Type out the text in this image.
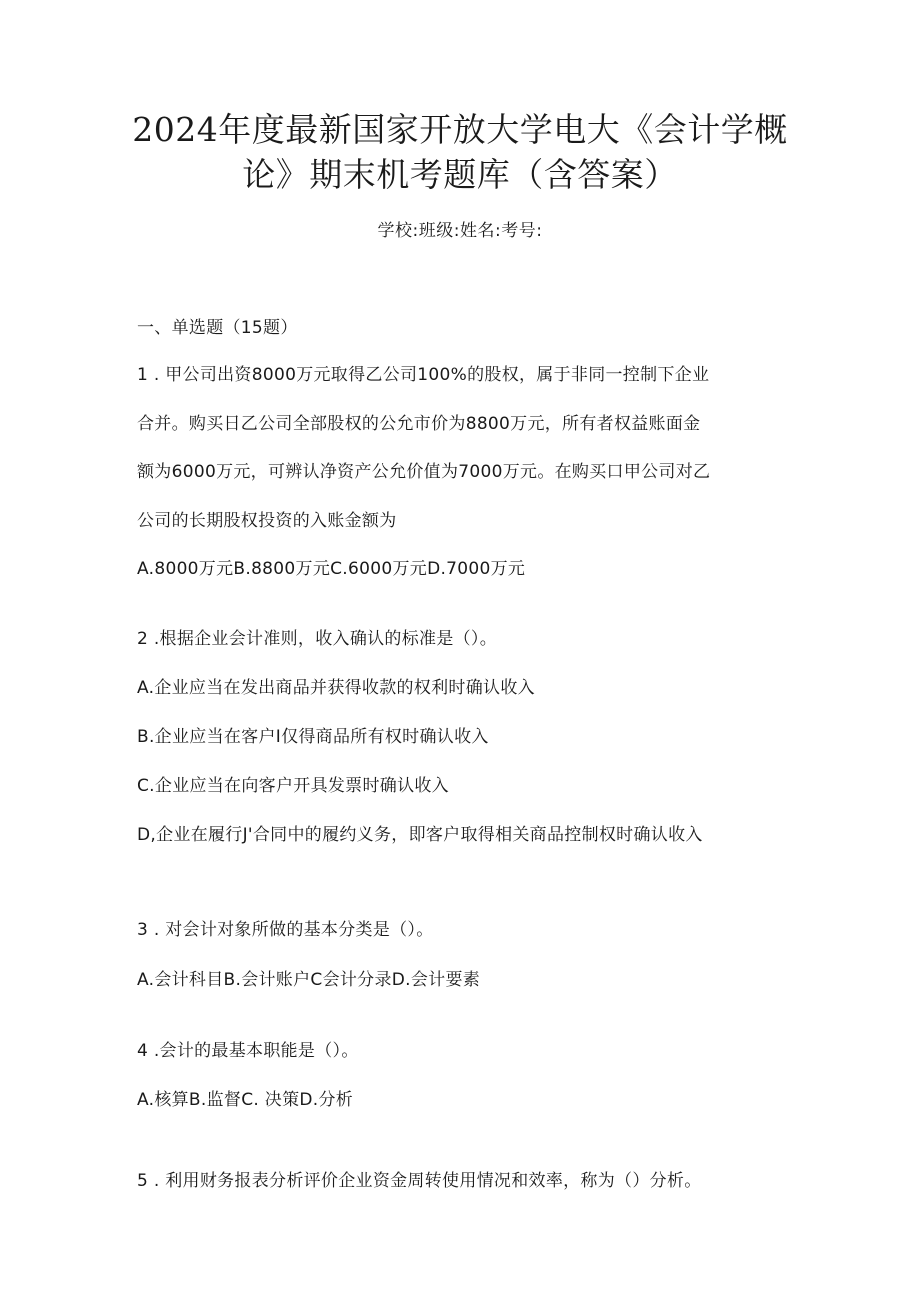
2024年度最新国家开放大学电大《会计学概
论》期末机考题库（含答案）
学校:班级:姓名:考号:
一、单选题（15题）
1 . 甲公司出资8000万元取得乙公司100%的股权，属于非同一控制下企业
合并。购买日乙公司全部股权的公允市价为8800万元，所有者权益账面金
额为6000万元，可辨认净资产公允价值为7000万元。在购买口甲公司对乙
公司的长期股权投资的入账金额为
A.8000万元B.8800万元C.6000万元D.7000万元
2 .根据企业会计准则，收入确认的标准是（）。
A.企业应当在发出商品并获得收款的权利时确认收入
B.企业应当在客户I仅得商品所有权时确认收入
C.企业应当在向客户开具发票时确认收入
D,企业在履行J'合同中的履约义务，即客户取得相关商品控制权时确认收入
3 . 对会计对象所做的基本分类是（）。
A.会计科目B.会计账户C会计分录D.会计要素
4 .会计的最基本职能是（）。
A.核算B.监督C. 决策D.分析
5 . 利用财务报表分析评价企业资金周转使用情况和效率，称为（）分析。
